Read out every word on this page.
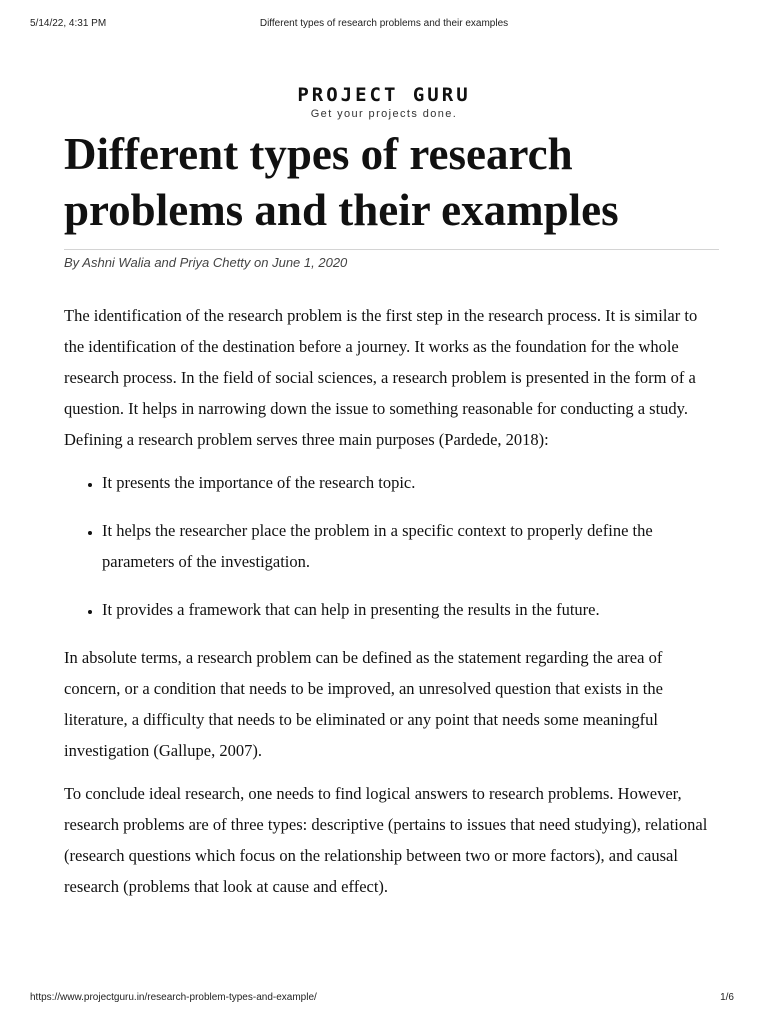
5/14/22, 4:31 PM	Different types of research problems and their examples
PROJECT GURU
Get your projects done.
Different types of research problems and their examples
By Ashni Walia and Priya Chetty on June 1, 2020

The identification of the research problem is the first step in the research process. It is similar to the identification of the destination before a journey. It works as the foundation for the whole research process. In the field of social sciences, a research problem is presented in the form of a question. It helps in narrowing down the issue to something reasonable for conducting a study. Defining a research problem serves three main purposes (Pardede, 2018):

• It presents the importance of the research topic.
• It helps the researcher place the problem in a specific context to properly define the parameters of the investigation.
• It provides a framework that can help in presenting the results in the future.

In absolute terms, a research problem can be defined as the statement regarding the area of concern, or a condition that needs to be improved, an unresolved question that exists in the literature, a difficulty that needs to be eliminated or any point that needs some meaningful investigation (Gallupe, 2007).

To conclude ideal research, one needs to find logical answers to research problems. However, research problems are of three types: descriptive (pertains to issues that need studying), relational (research questions which focus on the relationship between two or more factors), and causal research (problems that look at cause and effect).

https://www.projectguru.in/research-problem-types-and-example/	1/6
